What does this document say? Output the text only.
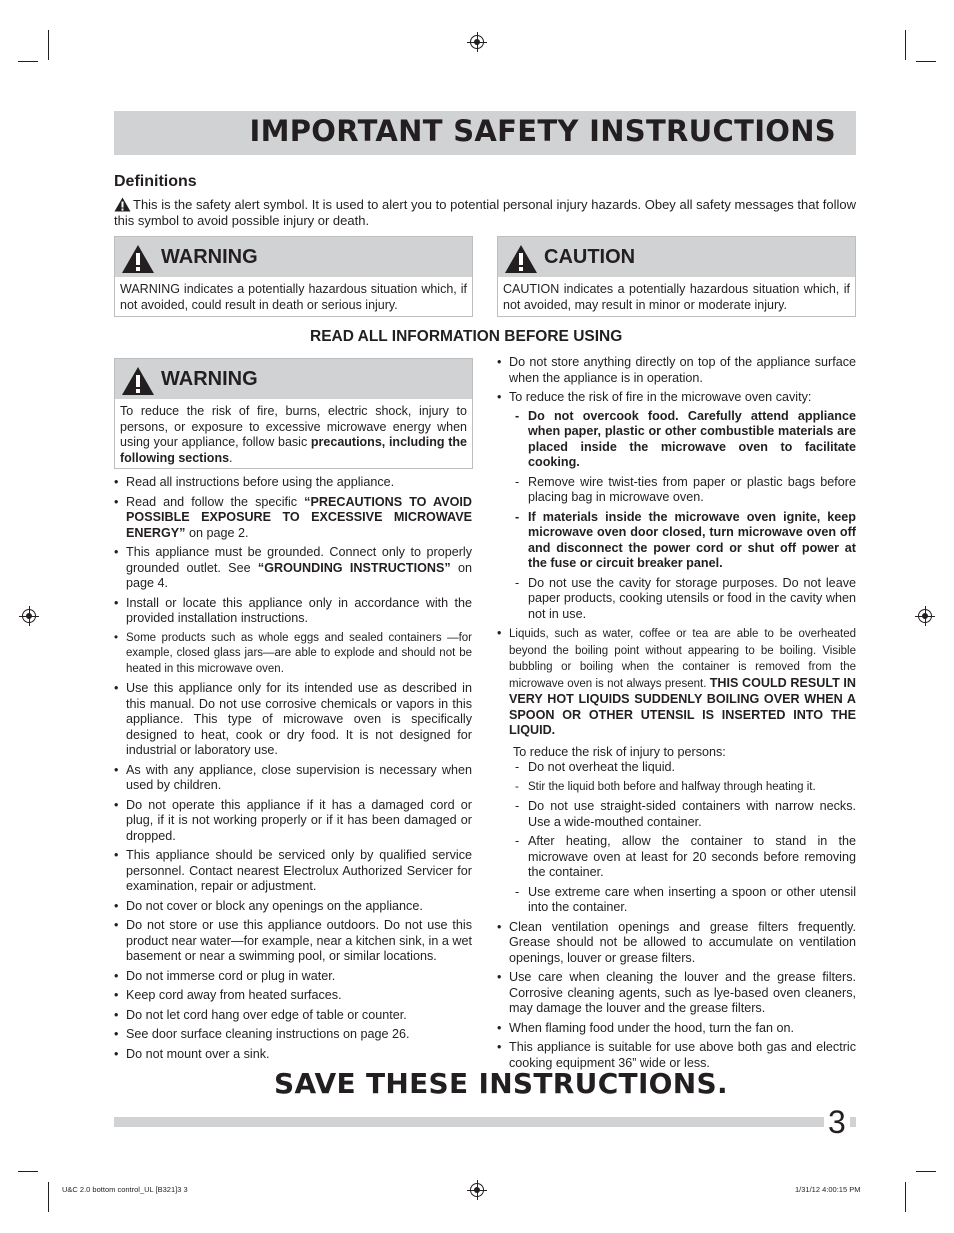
IMPORTANT SAFETY INSTRUCTIONS
Definitions
This is the safety alert symbol. It is used to alert you to potential personal injury hazards. Obey all safety messages that follow this symbol to avoid possible injury or death.
WARNING
WARNING indicates a potentially hazardous situation which, if not avoided, could result in death or serious injury.
CAUTION
CAUTION indicates a potentially hazardous situation which, if not avoided, may result in minor or moderate injury.
READ ALL INFORMATION BEFORE USING
WARNING
To reduce the risk of fire, burns, electric shock, injury to persons, or exposure to excessive microwave energy when using your appliance, follow basic precautions, including the following sections.
• Read all instructions before using the appliance.
• Read and follow the specific “PRECAUTIONS TO AVOID POSSIBLE EXPOSURE TO EXCESSIVE MICROWAVE ENERGY” on page 2.
• This appliance must be grounded. Connect only to properly grounded outlet. See “GROUNDING INSTRUCTIONS” on page 4.
• Install or locate this appliance only in accordance with the provided installation instructions.
• Some products such as whole eggs and sealed containers —for example, closed glass jars—are able to explode and should not be heated in this microwave oven.
• Use this appliance only for its intended use as described in this manual. Do not use corrosive chemicals or vapors in this appliance. This type of microwave oven is specifically designed to heat, cook or dry food. It is not designed for industrial or laboratory use.
• As with any appliance, close supervision is necessary when used by children.
• Do not operate this appliance if it has a damaged cord or plug, if it is not working properly or if it has been damaged or dropped.
• This appliance should be serviced only by qualified service personnel. Contact nearest Electrolux Authorized Servicer for examination, repair or adjustment.
• Do not cover or block any openings on the appliance.
• Do not store or use this appliance outdoors. Do not use this product near water—for example, near a kitchen sink, in a wet basement or near a swimming pool, or similar locations.
• Do not immerse cord or plug in water.
• Keep cord away from heated surfaces.
• Do not let cord hang over edge of table or counter.
• See door surface cleaning instructions on page 26.
• Do not mount over a sink.
• Do not store anything directly on top of the appliance surface when the appliance is in operation.
• To reduce the risk of fire in the microwave oven cavity:
- Do not overcook food. Carefully attend appliance when paper, plastic or other combustible materials are placed inside the microwave oven to facilitate cooking.
- Remove wire twist-ties from paper or plastic bags before placing bag in microwave oven.
- If materials inside the microwave oven ignite, keep microwave oven door closed, turn microwave oven off and disconnect the power cord or shut off power at the fuse or circuit breaker panel.
- Do not use the cavity for storage purposes. Do not leave paper products, cooking utensils or food in the cavity when not in use.
• Liquids, such as water, coffee or tea are able to be overheated beyond the boiling point without appearing to be boiling. Visible bubbling or boiling when the container is removed from the microwave oven is not always present. THIS COULD RESULT IN VERY HOT LIQUIDS SUDDENLY BOILING OVER WHEN A SPOON OR OTHER UTENSIL IS INSERTED INTO THE LIQUID.
To reduce the risk of injury to persons:
- Do not overheat the liquid.
- Stir the liquid both before and halfway through heating it.
- Do not use straight-sided containers with narrow necks. Use a wide-mouthed container.
- After heating, allow the container to stand in the microwave oven at least for 20 seconds before removing the container.
- Use extreme care when inserting a spoon or other utensil into the container.
• Clean ventilation openings and grease filters frequently. Grease should not be allowed to accumulate on ventilation openings, louver or grease filters.
• Use care when cleaning the louver and the grease filters. Corrosive cleaning agents, such as lye-based oven cleaners, may damage the louver and the grease filters.
• When flaming food under the hood, turn the fan on.
• This appliance is suitable for use above both gas and electric cooking equipment 36” wide or less.
SAVE THESE INSTRUCTIONS.
3
U&C 2.0 bottom control_UL [B321]3 3	1/31/12 4:00:15 PM
